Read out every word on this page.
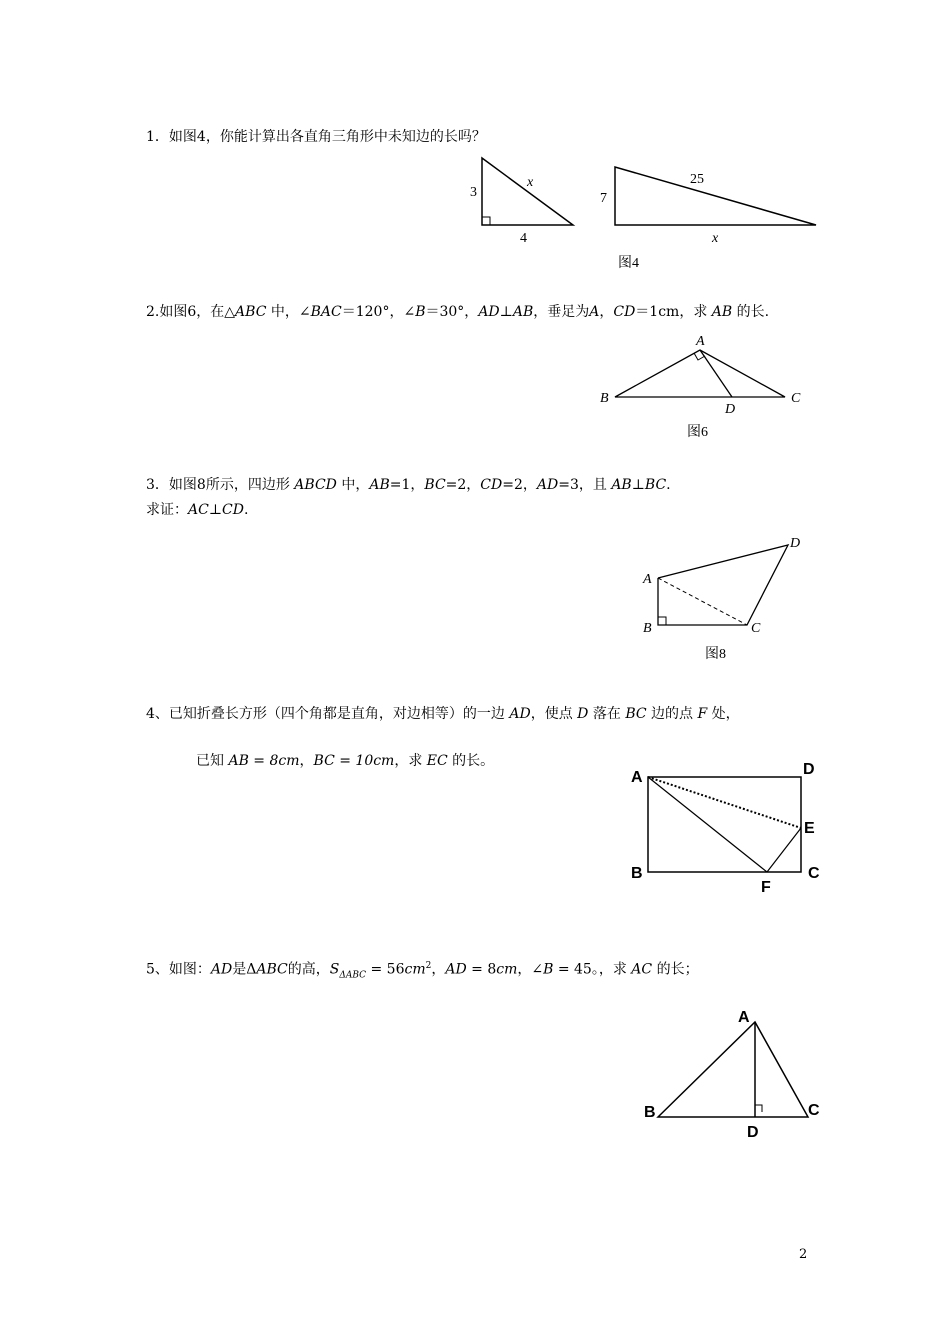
1．如图4，你能计算出各直角三角形中未知边的长吗？
3
4
x
7
25
x
图4
2.如图6，在△ABC 中，∠BAC＝120°，∠B＝30°，AD⊥AB，垂足为A，CD＝1cm，求 AB 的长.
A
B	C
D
图6
3．如图8所示，四边形 ABCD 中，AB=1，BC=2，CD=2，AD=3，且 AB⊥BC.
求证：AC⊥CD.
A
B	C
D
图8
4、已知折叠长方形（四个角都是直角，对边相等）的一边 AD，使点 D 落在 BC 边的点 F 处，
已知 AB = 8cm，BC = 10cm，求 EC 的长。
A	D
B	C
E
F
5、如图：AD是ΔABC的高，$S_{\Delta ABC} = 56cm^2$，AD = 8cm，∠B = 45。，求 AC 的长；
A
B	C
D
2
